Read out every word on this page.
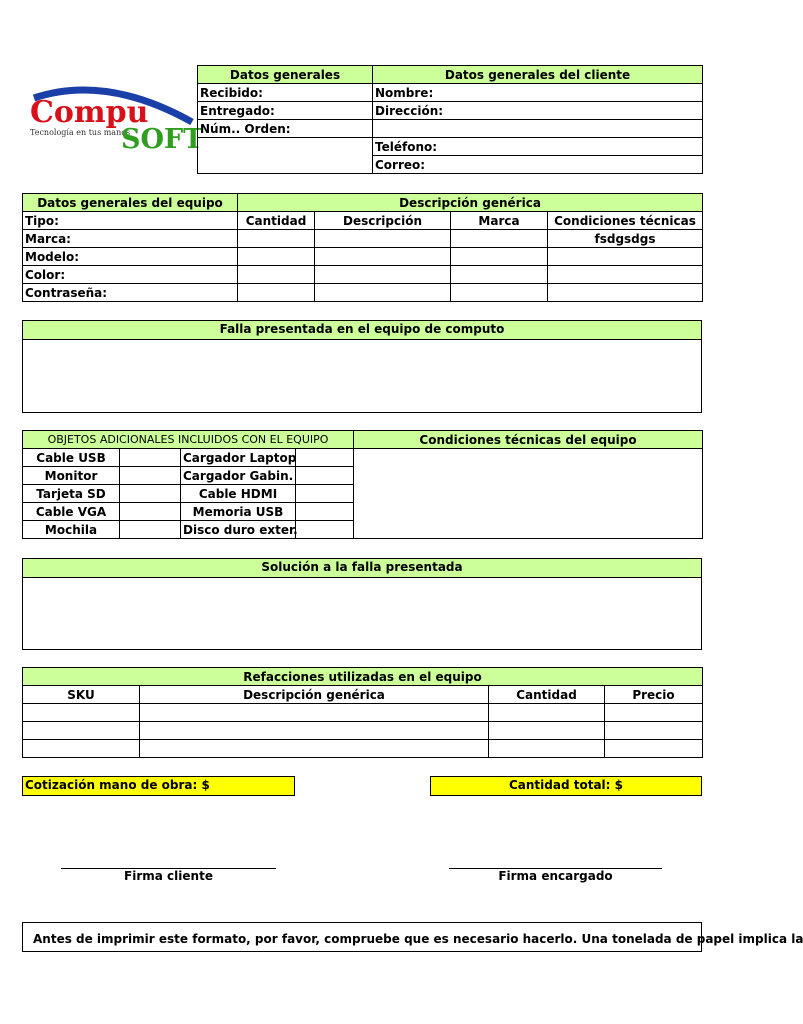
Compu
Tecnología en tus manos
SOFT
Datos generales	Datos generales del cliente
Recibido:	Nombre:
Entregado:	Dirección:
Núm.. Orden:	
	Teléfono:
	Correo:
Datos generales del equipo	Descripción genérica			
Tipo:	Cantidad	Descripción	Marca	Condiciones técnicas
Marca:				fsdgsdgs
Modelo:				
Color:				
Contraseña:				
Falla presentada en el equipo de computo
OBJETOS ADICIONALES INCLUIDOS CON EL EQUIPO				Condiciones técnicas del equipo
Cable USB		Cargador Laptop		
Monitor		Cargador Gabin.		
Tarjeta SD		Cable HDMI		
Cable VGA		Memoria USB		
Mochila		Disco duro exter.		
Solución a la falla presentada
Refacciones utilizadas en el equipo			
SKU	Descripción genérica	Cantidad	Precio

Cotización mano de obra: $	Cantidad total: $
Firma cliente	Firma encargado
Antes de imprimir este formato, por favor, compruebe que es necesario hacerlo. Una tonelada de papel implica la
